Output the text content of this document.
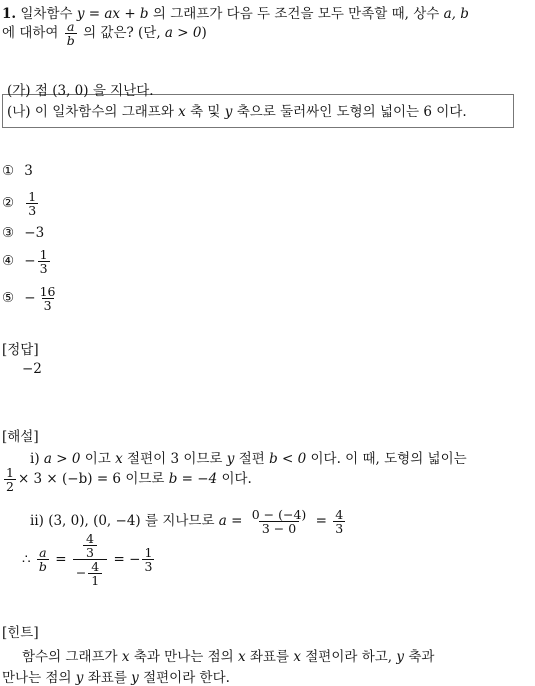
1. 일차함수 y = ax + b 의 그래프가 다음 두 조건을 모두 만족할 때, 상수 a, b
에 대하여 $\frac{a}{b}$ 의 값은? (단, a > 0)
(가) 점 (3, 0) 을 지난다.
(나) 이 일차함수의 그래프와 x 축 및 y 축으로 둘러싸인 도형의 넓이는 6 이다.
① 3
② $\frac{1}{3}$
③ −3
④ − $\frac{1}{3}$
⑤ − $\frac{16}{3}$
[정답]
−2
[해설]
ⅰ) a > 0 이고 x 절편이 3 이므로 y 절편 b < 0 이다. 이 때, 도형의 넓이는
$\frac{1}{2} \times 3 \times (-b) = 6$ 이므로 b = −4 이다.
ⅱ) (3, 0), (0, −4) 를 지나므로 $a = \frac{0 - (-4)}{3 - 0} = \frac{4}{3}$
∴ $\frac{a}{b} = \frac{\frac{4}{3}}{- \frac{4}{1}}$ = − $\frac{1}{3}$
[힌트]
함수의 그래프가 x 축과 만나는 점의 x 좌표를 x 절편이라 하고, y 축과
만나는 점의 y 좌표를 y 절편이라 한다.
